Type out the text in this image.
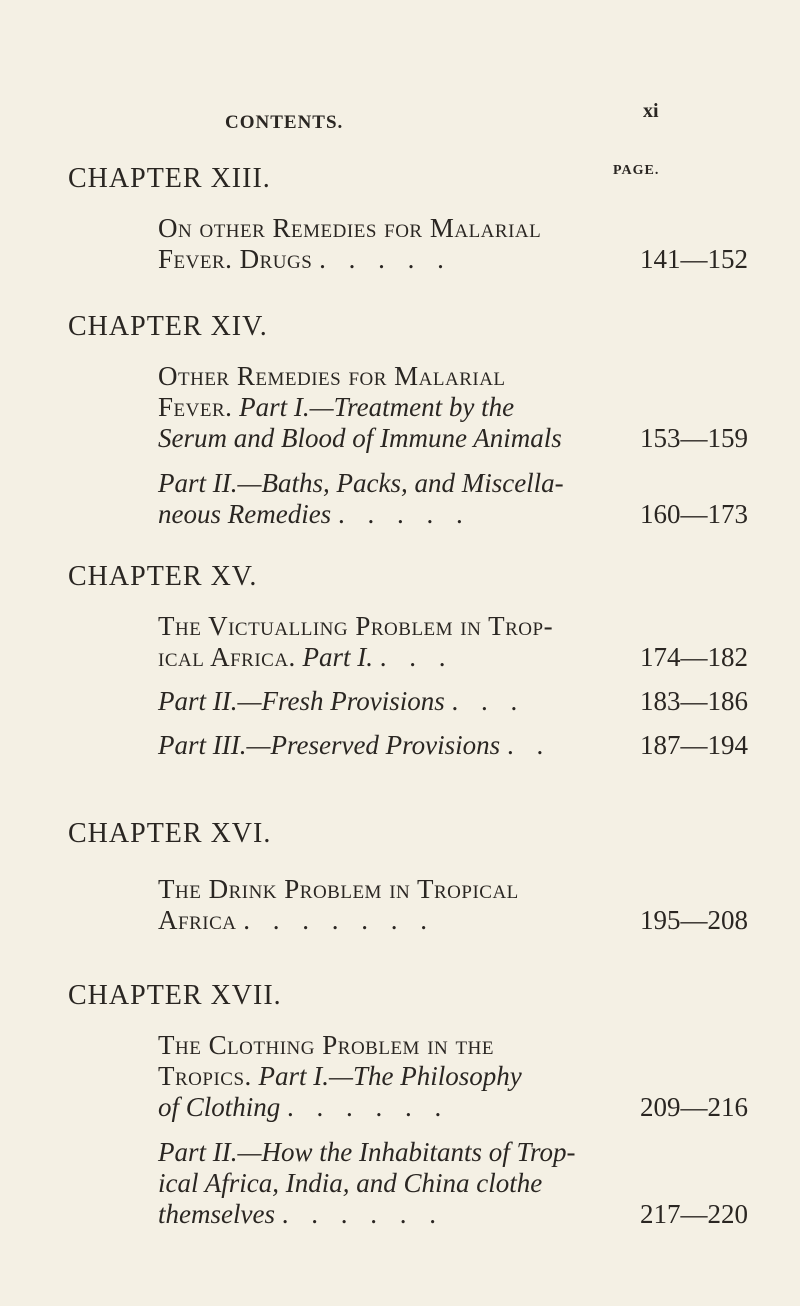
CONTENTS.
xi
PAGE.
CHAPTER XIII.
On other Remedies for Malarial
Fever. Drugs . . . . .	141—152
CHAPTER XIV.
Other Remedies for Malarial
Fever. Part I.—Treatment by the
Serum and Blood of Immune Animals	153—159
Part II.—Baths, Packs, and Miscella-
neous Remedies . . . . .	160—173
CHAPTER XV.
The Victualling Problem in Trop-
ical Africa. Part I. . . .	174—182
Part II.—Fresh Provisions . . .	183—186
Part III.—Preserved Provisions . .	187—194
CHAPTER XVI.
The Drink Problem in Tropical
Africa . . . . . . .	195—208
CHAPTER XVII.
The Clothing Problem in the
Tropics. Part I.—The Philosophy
of Clothing . . . . . .	209—216
Part II.—How the Inhabitants of Trop-
ical Africa, India, and China clothe
themselves . . . . . .	217—220
